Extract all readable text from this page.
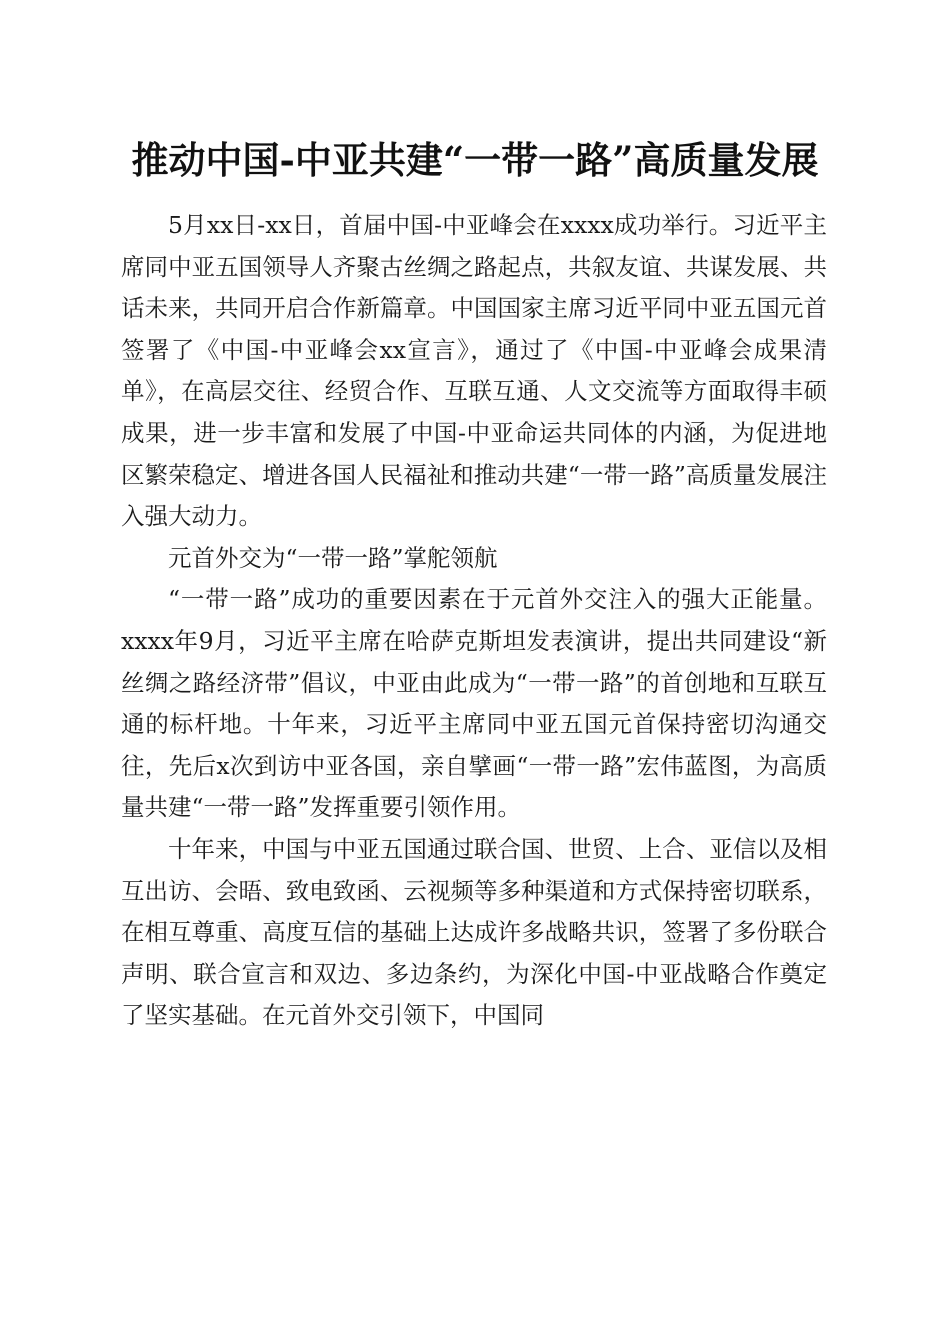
推动中国-中亚共建“一带一路”高质量发展

5月xx日-xx日，首届中国-中亚峰会在xxxx成功举行。习近平主席同中亚五国领导人齐聚古丝绸之路起点，共叙友谊、共谋发展、共话未来，共同开启合作新篇章。中国国家主席习近平同中亚五国元首签署了《中国-中亚峰会xx宣言》，通过了《中国-中亚峰会成果清单》，在高层交往、经贸合作、互联互通、人文交流等方面取得丰硕成果，进一步丰富和发展了中国-中亚命运共同体的内涵，为促进地区繁荣稳定、增进各国人民福祉和推动共建“一带一路”高质量发展注入强大动力。

元首外交为“一带一路”掌舵领航

“一带一路”成功的重要因素在于元首外交注入的强大正能量。xxxx年9月，习近平主席在哈萨克斯坦发表演讲，提出共同建设“新丝绸之路经济带”倡议，中亚由此成为“一带一路”的首创地和互联互通的标杆地。十年来，习近平主席同中亚五国元首保持密切沟通交往，先后x次到访中亚各国，亲自擘画“一带一路”宏伟蓝图，为高质量共建“一带一路”发挥重要引领作用。

十年来，中国与中亚五国通过联合国、世贸、上合、亚信以及相互出访、会晤、致电致函、云视频等多种渠道和方式保持密切联系，在相互尊重、高度互信的基础上达成许多战略共识，签署了多份联合声明、联合宣言和双边、多边条约，为深化中国-中亚战略合作奠定了坚实基础。在元首外交引领下，中国同
